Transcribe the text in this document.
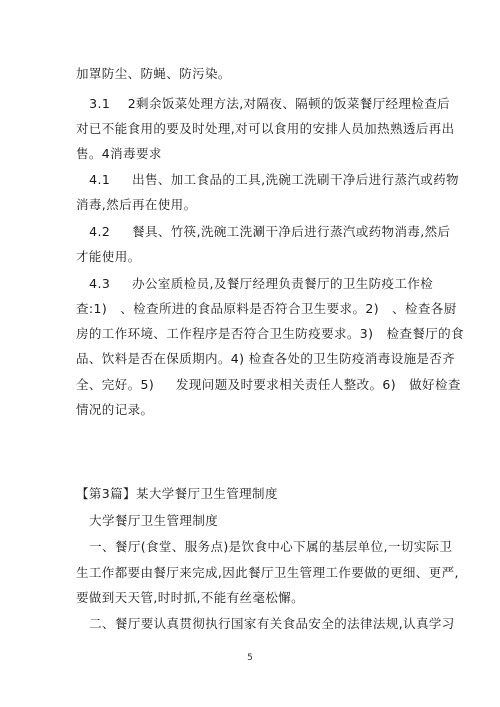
加罩防尘、防蝇、防污染。
3.1    2剩余饭菜处理方法,对隔夜、隔顿的饭菜餐厅经理检查后
对已不能食用的要及时处理,对可以食用的安排人员加热熟透后再出
售。4消毒要求
4.1     出售、加工食品的工具,洗碗工洗刷干净后进行蒸汽或药物
消毒,然后再在使用。
4.2     餐具、竹筷,洗碗工洗涮干净后进行蒸汽或药物消毒,然后
才能使用。
4.3     办公室质检员,及餐厅经理负责餐厅的卫生防疫工作检
查:1)   、检查所进的食品原料是否符合卫生要求。2)   、检查各厨
房的工作环境、工作程序是否符合卫生防疫要求。3)   检查餐厅的食
品、饮料是否在保质期内。4) 检查各处的卫生防疫消毒设施是否齐
全、完好。5)     发现问题及时要求相关责任人整改。6)   做好检查
情况的记录。
【第3篇】某大学餐厅卫生管理制度
大学餐厅卫生管理制度
一、餐厅(食堂、服务点)是饮食中心下属的基层单位,一切实际卫
生工作都要由餐厅来完成,因此餐厅卫生管理工作要做的更细、更严,
要做到天天管,时时抓,不能有丝毫松懈。
二、餐厅要认真贯彻执行国家有关食品安全的法律法规,认真学习
5
